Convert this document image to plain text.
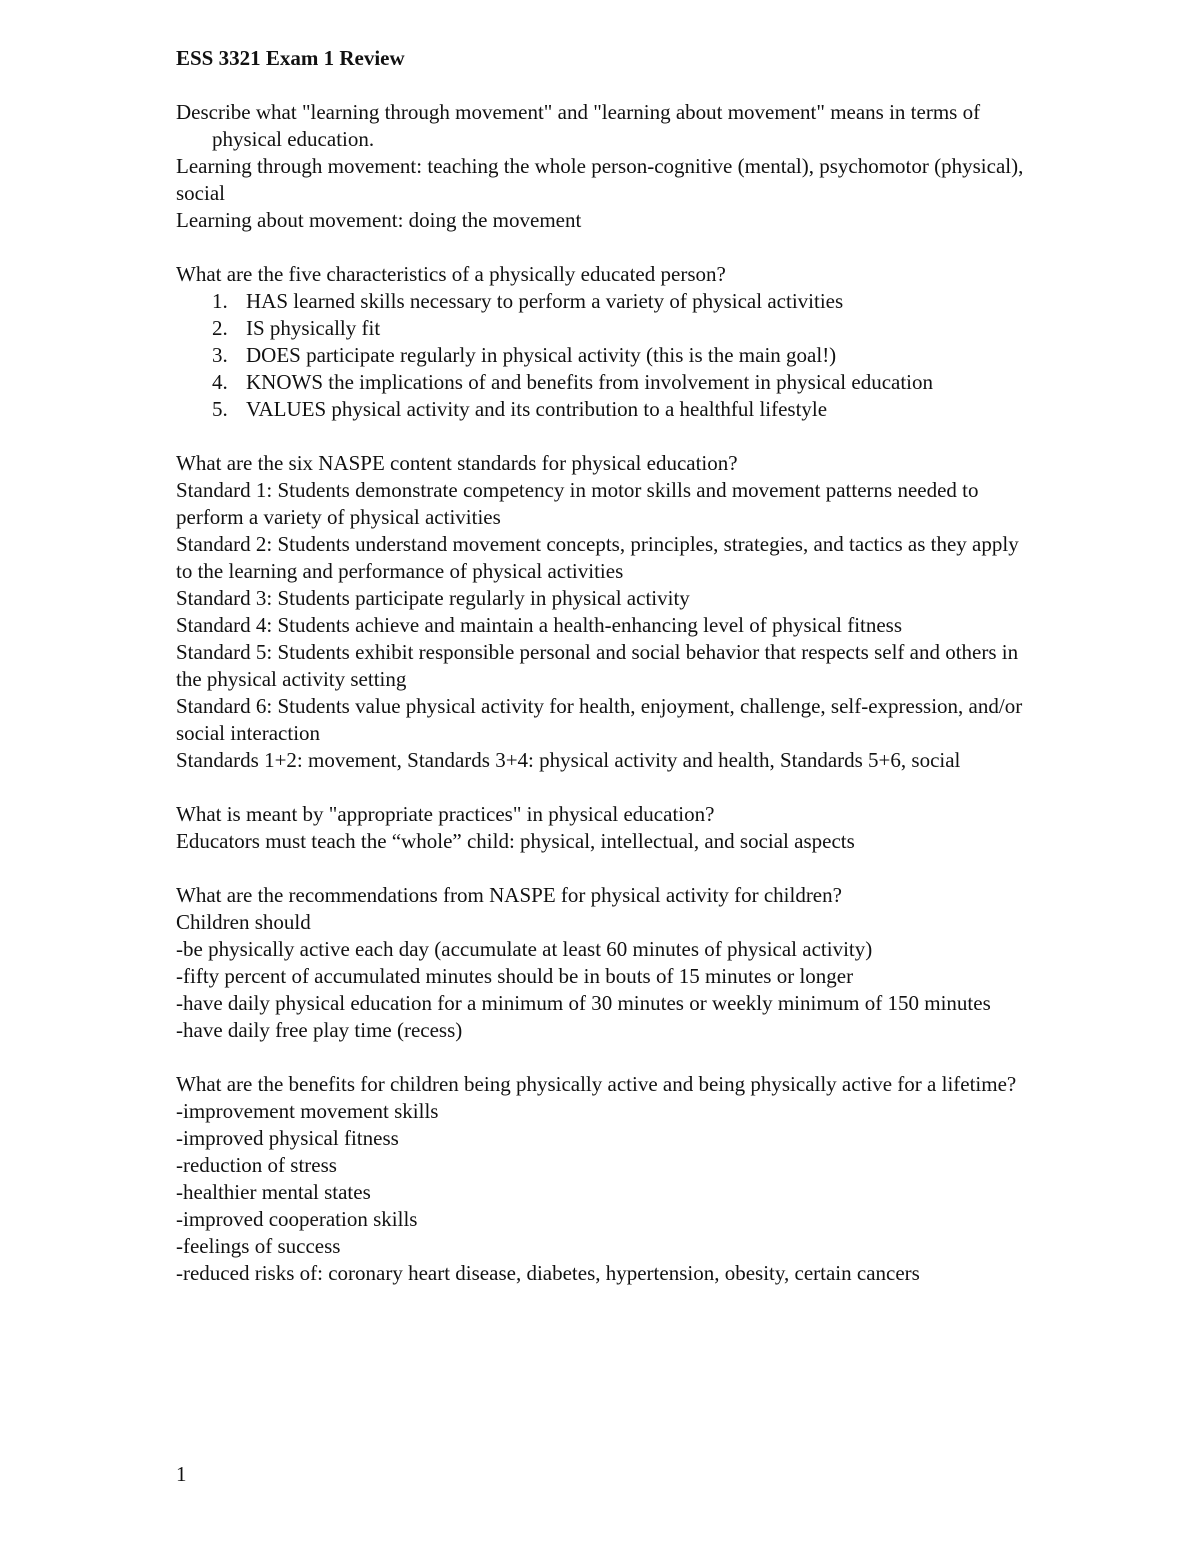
ESS 3321 Exam 1 Review
Describe what "learning through movement" and "learning about movement" means in terms of physical education.
Learning through movement: teaching the whole person-cognitive (mental), psychomotor (physical), social
Learning about movement: doing the movement
What are the five characteristics of a physically educated person?
1. HAS learned skills necessary to perform a variety of physical activities
2. IS physically fit
3. DOES participate regularly in physical activity (this is the main goal!)
4. KNOWS the implications of and benefits from involvement in physical education
5. VALUES physical activity and its contribution to a healthful lifestyle
What are the six NASPE content standards for physical education?
Standard 1: Students demonstrate competency in motor skills and movement patterns needed to perform a variety of physical activities
Standard 2: Students understand movement concepts, principles, strategies, and tactics as they apply to the learning and performance of physical activities
Standard 3: Students participate regularly in physical activity
Standard 4: Students achieve and maintain a health-enhancing level of physical fitness
Standard 5: Students exhibit responsible personal and social behavior that respects self and others in the physical activity setting
Standard 6: Students value physical activity for health, enjoyment, challenge, self-expression, and/or social interaction
Standards 1+2: movement, Standards 3+4: physical activity and health, Standards 5+6, social
What is meant by "appropriate practices" in physical education?
Educators must teach the “whole” child: physical, intellectual, and social aspects
What are the recommendations from NASPE for physical activity for children?
Children should
-be physically active each day (accumulate at least 60 minutes of physical activity)
-fifty percent of accumulated minutes should be in bouts of 15 minutes or longer
-have daily physical education for a minimum of 30 minutes or weekly minimum of 150 minutes
-have daily free play time (recess)
What are the benefits for children being physically active and being physically active for a lifetime?
-improvement movement skills
-improved physical fitness
-reduction of stress
-healthier mental states
-improved cooperation skills
-feelings of success
-reduced risks of: coronary heart disease, diabetes, hypertension, obesity, certain cancers
1
